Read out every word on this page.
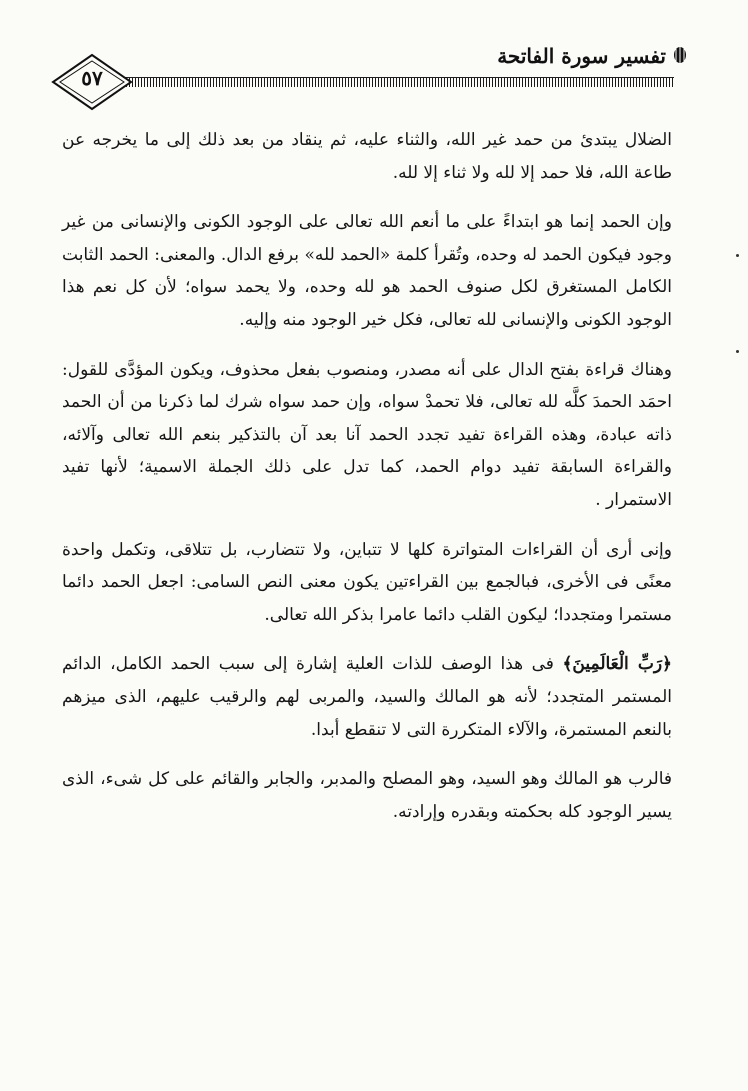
تفسير سورة الفاتحة
٥٧

الضلال يبتدئ من حمد غير الله، والثناء عليه، ثم ينقاد من بعد ذلك إلى ما يخرجه عن طاعة الله، فلا حمد إلا لله ولا ثناء إلا لله.

وإن الحمد إنما هو ابتداءً على ما أنعم الله تعالى على الوجود الكونى والإنسانى من غير وجود فيكون الحمد له وحده، وتُقرأ كلمة «الحمد لله» برفع الدال. والمعنى: الحمد الثابت الكامل المستغرق لكل صنوف الحمد هو لله وحده، ولا يحمد سواه؛ لأن كل نعم هذا الوجود الكونى والإنسانى لله تعالى، فكل خير الوجود منه وإليه.

وهناك قراءة بفتح الدال على أنه مصدر، ومنصوب بفعل محذوف، ويكون المؤدَّى للقول: احمَد الحمدَ كلَّه لله تعالى، فلا تحمدْ سواه، وإن حمد سواه شرك لما ذكرنا من أن الحمد ذاته عبادة، وهذه القراءة تفيد تجدد الحمد آنا بعد آن بالتذكير بنعم الله تعالى وآلائه، والقراءة السابقة تفيد دوام الحمد، كما تدل على ذلك الجملة الاسمية؛ لأنها تفيد الاستمرار .

وإنى أرى أن القراءات المتواترة كلها لا تتباين، ولا تتضارب، بل تتلاقى، وتكمل واحدة معنًى فى الأخرى، فبالجمع بين القراءتين يكون معنى النص السامى: اجعل الحمد دائما مستمرا ومتجددا؛ ليكون القلب دائما عامرا بذكر الله تعالى.

﴿رَبِّ الْعَالَمِينَ﴾ فى هذا الوصف للذات العلية إشارة إلى سبب الحمد الكامل، الدائم المستمر المتجدد؛ لأنه هو المالك والسيد، والمربى لهم والرقيب عليهم، الذى ميزهم بالنعم المستمرة، والآلاء المتكررة التى لا تنقطع أبدا.

فالرب هو المالك وهو السيد، وهو المصلح والمدبر، والجابر والقائم على كل شىء، الذى يسير الوجود كله بحكمته وبقدره وإرادته.
